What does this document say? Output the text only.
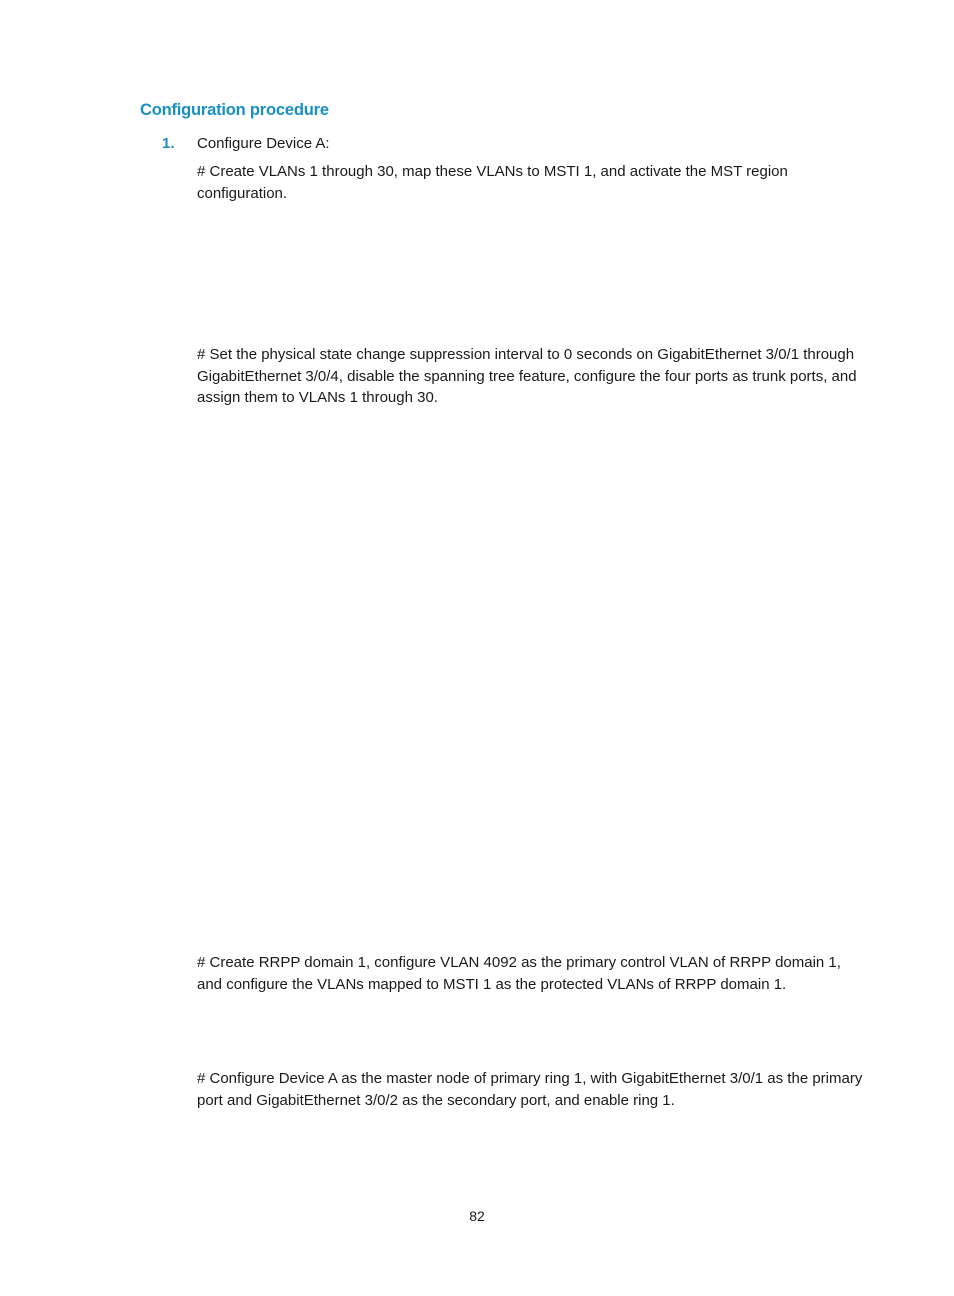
Configuration procedure
1. Configure Device A:

# Create VLANs 1 through 30, map these VLANs to MSTI 1, and activate the MST region configuration.

# Set the physical state change suppression interval to 0 seconds on GigabitEthernet 3/0/1 through GigabitEthernet 3/0/4, disable the spanning tree feature, configure the four ports as trunk ports, and assign them to VLANs 1 through 30.

# Create RRPP domain 1, configure VLAN 4092 as the primary control VLAN of RRPP domain 1, and configure the VLANs mapped to MSTI 1 as the protected VLANs of RRPP domain 1.

# Configure Device A as the master node of primary ring 1, with GigabitEthernet 3/0/1 as the primary port and GigabitEthernet 3/0/2 as the secondary port, and enable ring 1.

82
